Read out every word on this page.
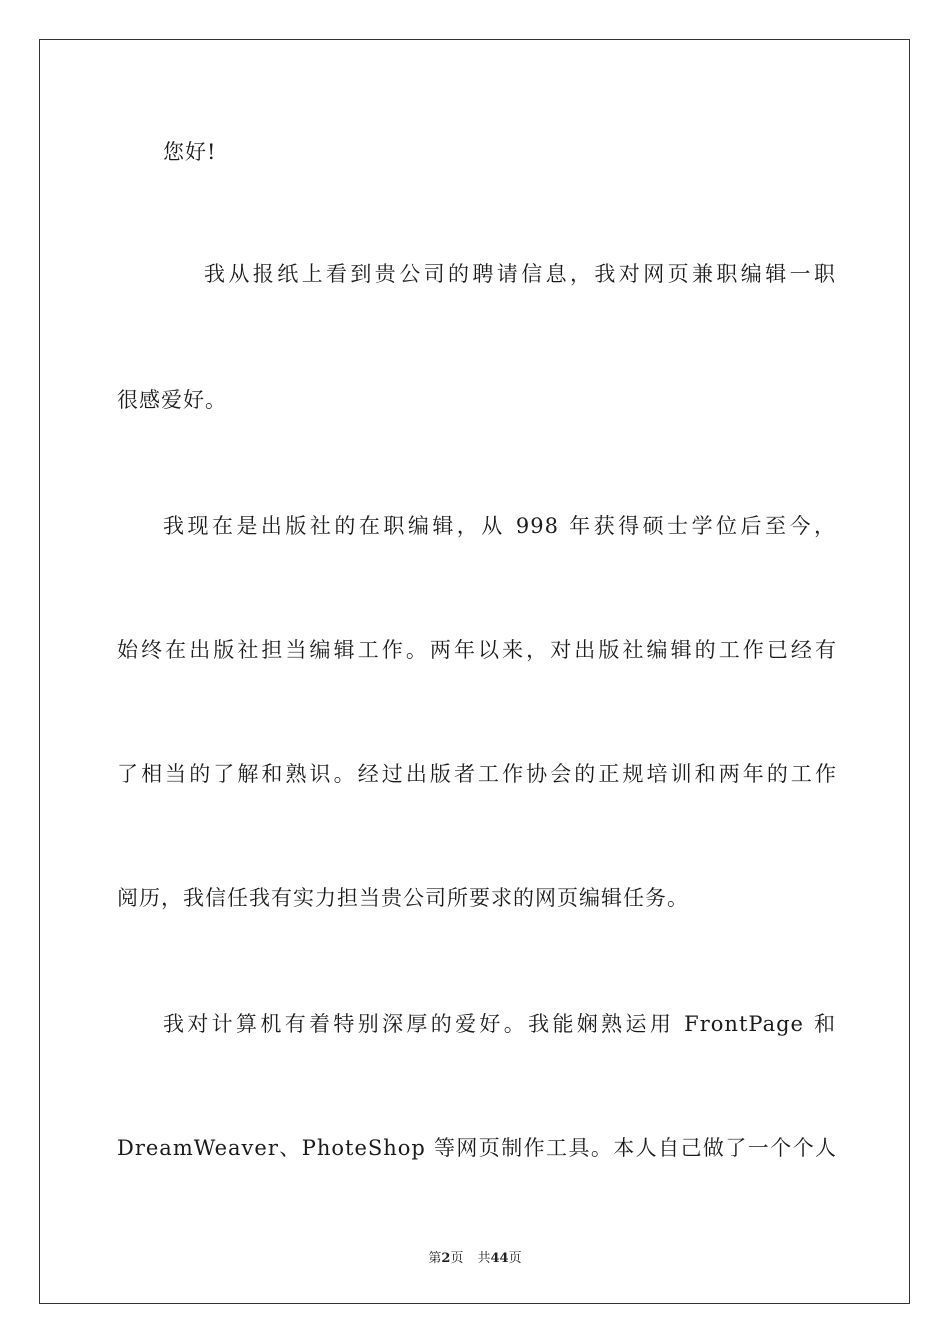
您好!
我从报纸上看到贵公司的聘请信息，我对网页兼职编辑一职
很感爱好。
我现在是出版社的在职编辑，从 998 年获得硕士学位后至今，
始终在出版社担当编辑工作。两年以来，对出版社编辑的工作已经有
了相当的了解和熟识。经过出版者工作协会的正规培训和两年的工作
阅历，我信任我有实力担当贵公司所要求的网页编辑任务。
我对计算机有着特别深厚的爱好。我能娴熟运用 FrontPage 和
DreamWeaver、PhoteShop 等网页制作工具。本人自己做了一个个人
第2页 共44页
